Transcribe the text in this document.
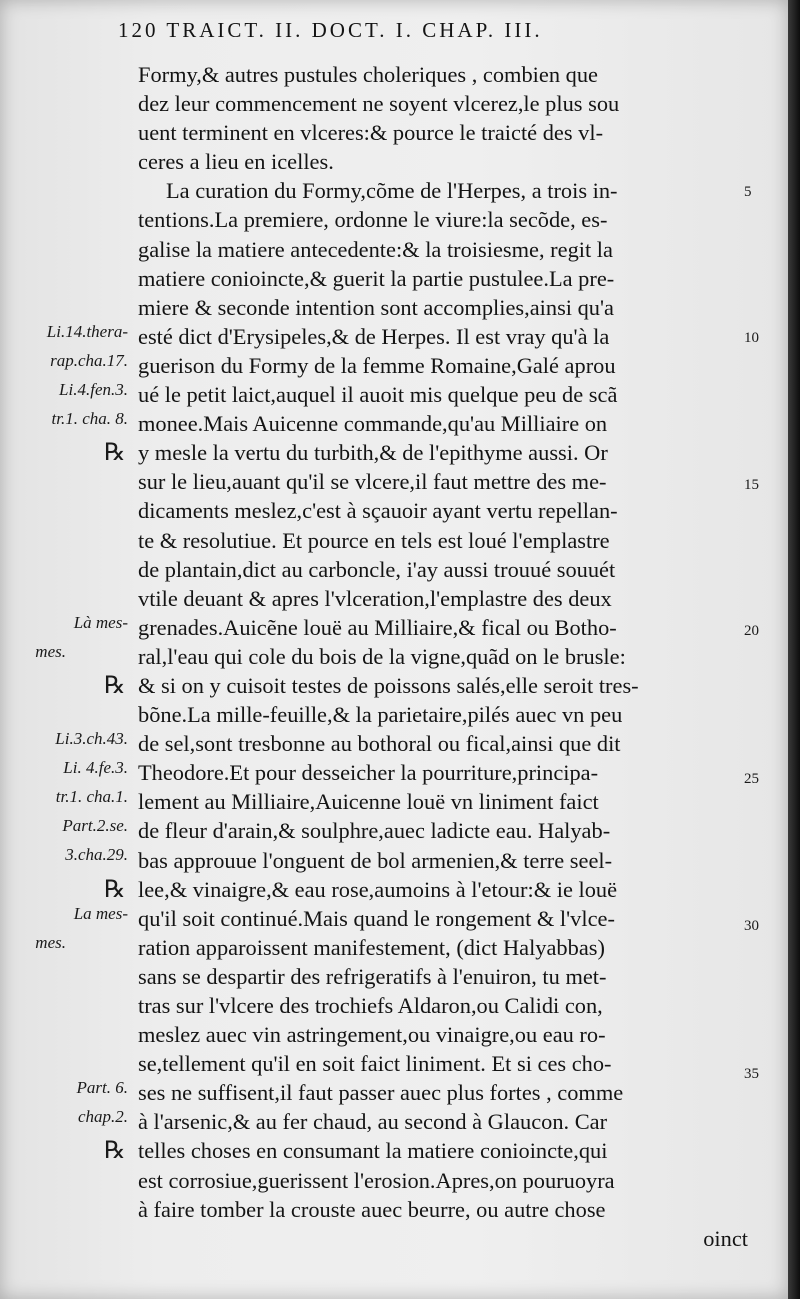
120 TRAICT. II. DOCT. I. CHAP. III.
Formy,& autres pustules choleriques , combien que
dez leur commencement ne soyent vlcerez,le plus sou
uent terminent en vlceres:& pource le traicté des vl-
ceres a lieu en icelles.
La curation du Formy,cõme de l'Herpes, a trois in-
tentions.La premiere, ordonne le viure:la secõde, es-
galise la matiere antecedente:& la troisiesme, regit la
matiere conioincte,& guerit la partie pustulee.La pre-
miere & seconde intention sont accomplies,ainsi qu'a
esté dict d'Erysipeles,& de Herpes. Il est vray qu'à la
guerison du Formy de la femme Romaine,Galé aprou
ué le petit laict,auquel il auoit mis quelque peu de scã
monee.Mais Auicenne commande,qu'au Milliaire on
y mesle la vertu du turbith,& de l'epithyme aussi. Or
sur le lieu,auant qu'il se vlcere,il faut mettre des me-
dicaments meslez,c'est à sçauoir ayant vertu repellan-
te & resolutiue. Et pource en tels est loué l'emplastre
de plantain,dict au carboncle, i'ay aussi trouué souuét
vtile deuant & apres l'vlceration,l'emplastre des deux
grenades.Auicẽne louë au Milliaire,& fical ou Botho-
ral,l'eau qui cole du bois de la vigne,quãd on le brusle:
& si on y cuisoit testes de poissons salés,elle seroit tres-
bõne.La mille-feuille,& la parietaire,pilés auec vn peu
de sel,sont tresbonne au bothoral ou fical,ainsi que dit
Theodore.Et pour desseicher la pourriture,principa-
lement au Milliaire,Auicenne louë vn liniment faict
de fleur d'arain,& soulphre,auec ladicte eau. Halyab-
bas approuue l'onguent de bol armenien,& terre seel-
lee,& vinaigre,& eau rose,aumoins à l'etour:& ie louë
qu'il soit continué.Mais quand le rongement & l'vlce-
ration apparoissent manifestement, (dict Halyabbas)
sans se despartir des refrigeratifs à l'enuiron, tu met-
tras sur l'vlcere des trochiefs Aldaron,ou Calidi con,
meslez auec vin astringement,ou vinaigre,ou eau ro-
se,tellement qu'il en soit faict liniment. Et si ces cho-
ses ne suffisent,il faut passer auec plus fortes , comme
à l'arsenic,& au fer chaud, au second à Glaucon. Car
telles choses en consumant la matiere conioincte,qui
est corrosiue,guerissent l'erosion.Apres,on pouruoyra
à faire tomber la crouste auec beurre, ou autre chose
oinct
Li.14.thera-
rap.cha.17.
Li.4.fen.3.
tr.1. cha. 8.
Là mes-
mes.
Li.3.ch.43.
Li. 4.fe.3.
tr.1. cha.1.
Part.2.se.
3.cha.29.
La mes-
mes.
Part. 6.
chap.2.
℞
℞
℞
℞
5
10
15
20
25
30
35
